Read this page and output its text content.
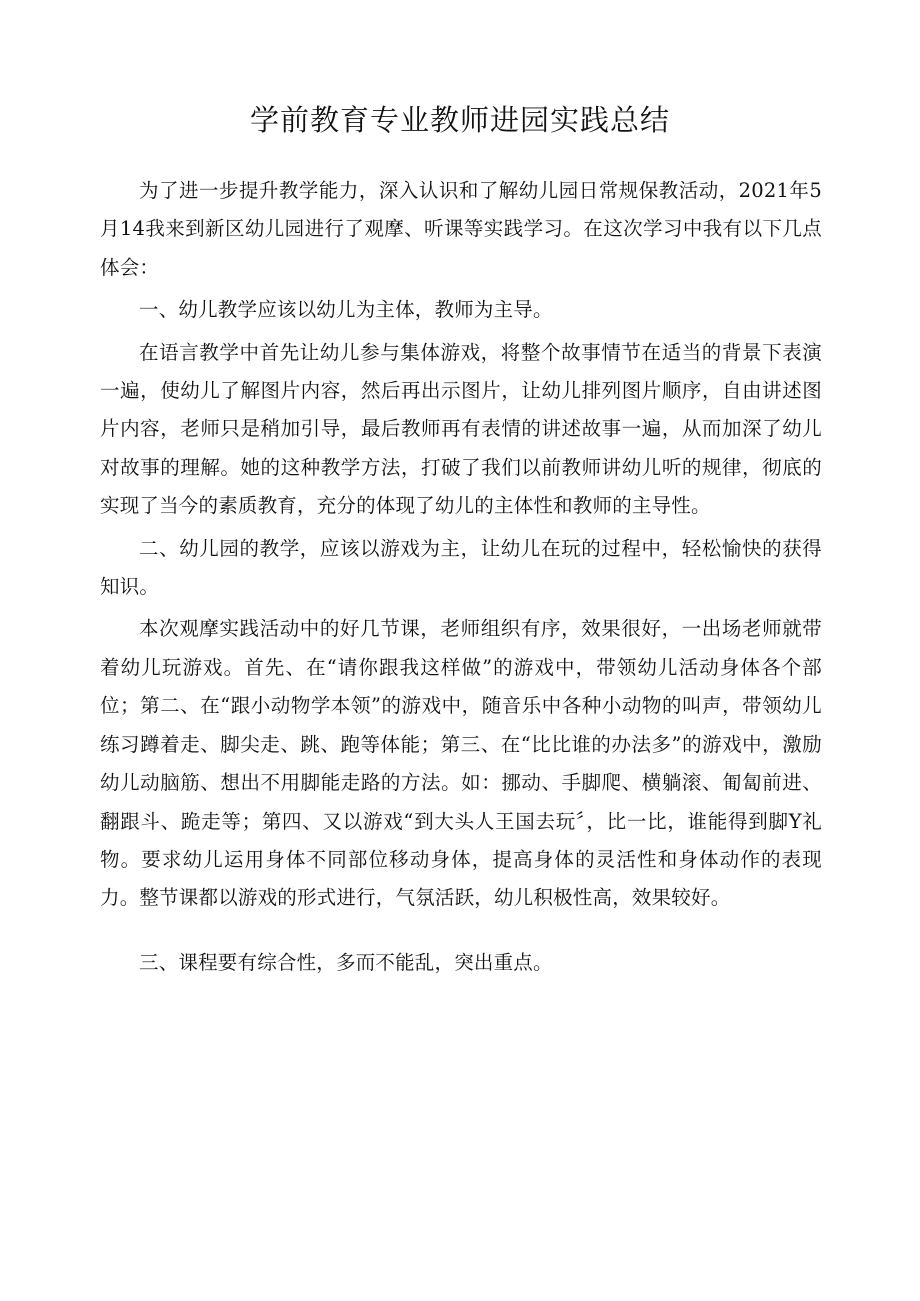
学前教育专业教师进园实践总结

为了进一步提升教学能力，深入认识和了解幼儿园日常规保教活动，2021年5月14我来到新区幼儿园进行了观摩、听课等实践学习。在这次学习中我有以下几点体会：

一、幼儿教学应该以幼儿为主体，教师为主导。

在语言教学中首先让幼儿参与集体游戏，将整个故事情节在适当的背景下表演一遍，使幼儿了解图片内容，然后再出示图片，让幼儿排列图片顺序，自由讲述图片内容，老师只是稍加引导，最后教师再有表情的讲述故事一遍，从而加深了幼儿对故事的理解。她的这种教学方法，打破了我们以前教师讲幼儿听的规律，彻底的实现了当今的素质教育，充分的体现了幼儿的主体性和教师的主导性。

二、幼儿园的教学，应该以游戏为主，让幼儿在玩的过程中，轻松愉快的获得知识。

本次观摩实践活动中的好几节课，老师组织有序，效果很好，一出场老师就带着幼儿玩游戏。首先、在“请你跟我这样做”的游戏中，带领幼儿活动身体各个部位；第二、在“跟小动物学本领”的游戏中，随音乐中各种小动物的叫声，带领幼儿练习蹲着走、脚尖走、跳、跑等体能；第三、在“比比谁的办法多”的游戏中，激励幼儿动脑筋、想出不用脚能走路的方法。如：挪动、手脚爬、横躺滚、匍匐前进、翻跟斗、跪走等；第四、又以游戏“到大头人王国去玩〞，比一比，谁能得到脚Y礼物。要求幼儿运用身体不同部位移动身体，提高身体的灵活性和身体动作的表现力。整节课都以游戏的形式进行，气氛活跃，幼儿积极性高，效果较好。

三、课程要有综合性，多而不能乱，突出重点。
